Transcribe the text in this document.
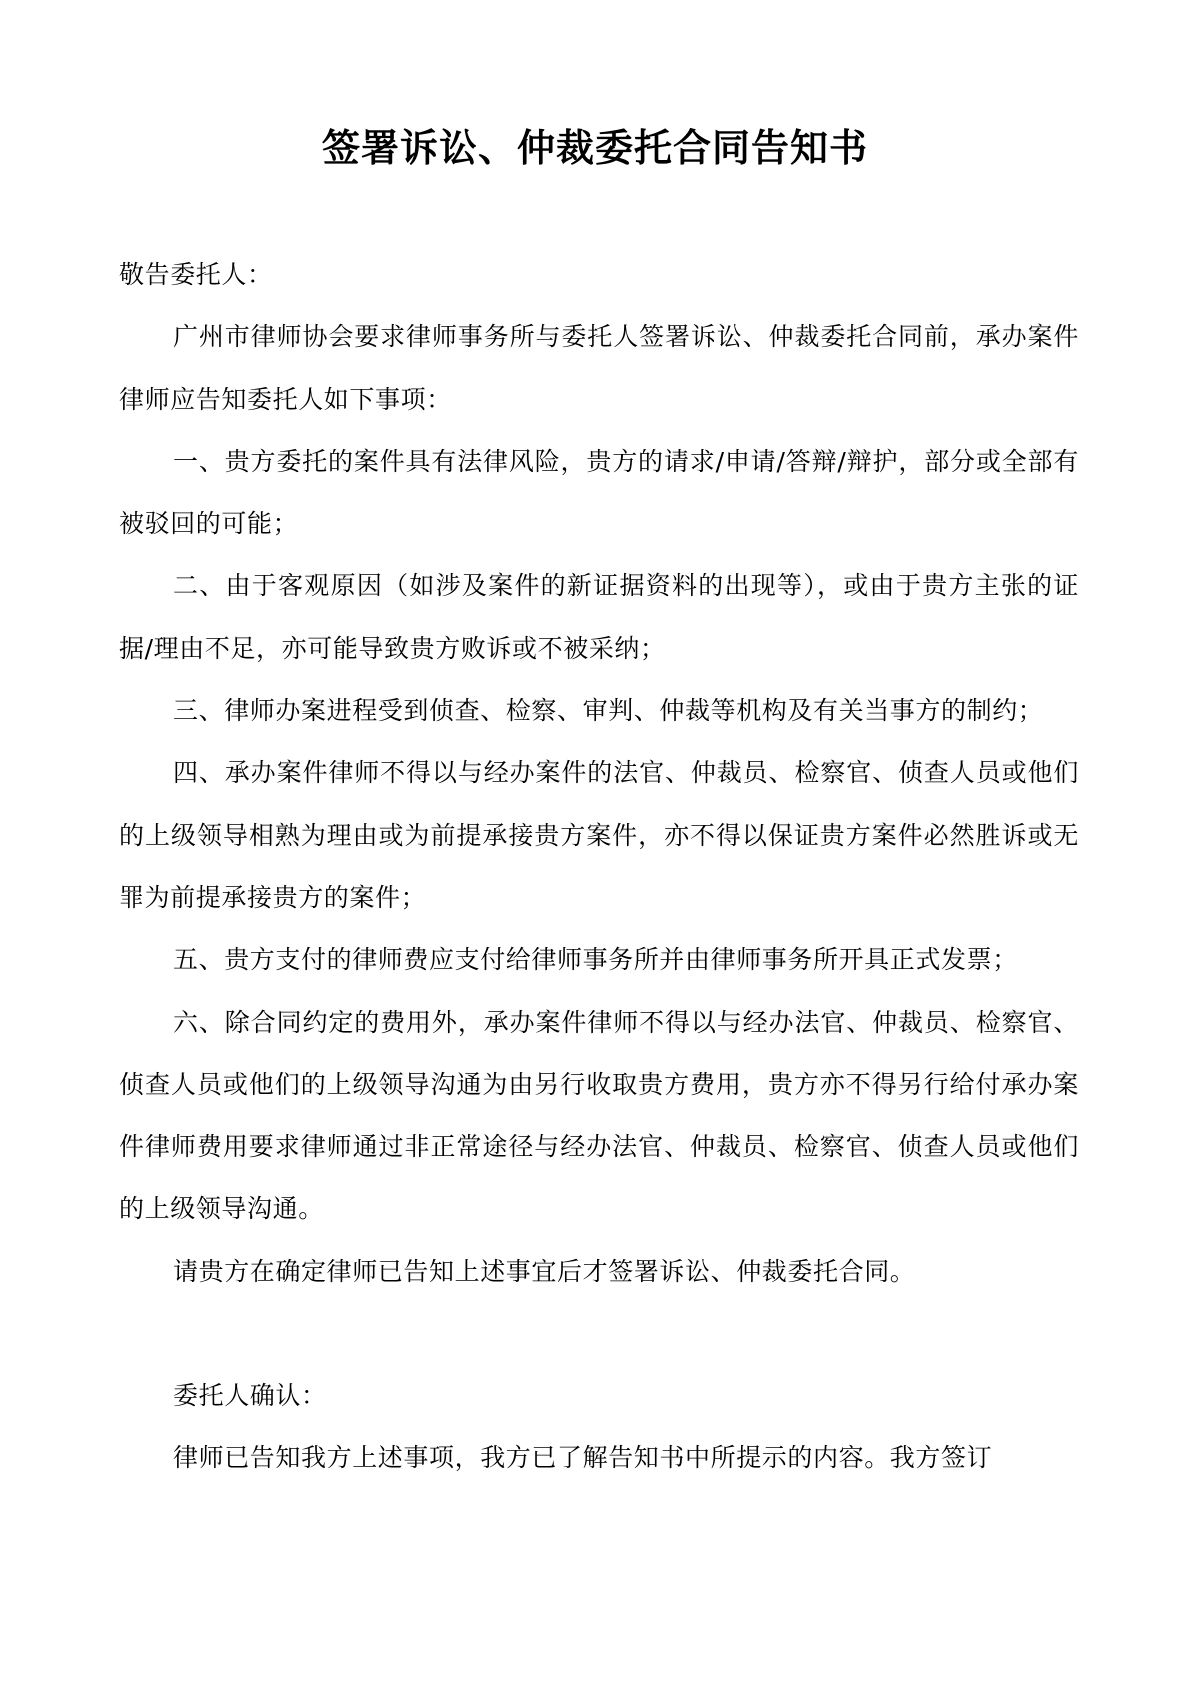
签署诉讼、仲裁委托合同告知书

敬告委托人：

广州市律师协会要求律师事务所与委托人签署诉讼、仲裁委托合同前，承办案件律师应告知委托人如下事项：

一、贵方委托的案件具有法律风险，贵方的请求/申请/答辩/辩护，部分或全部有被驳回的可能；

二、由于客观原因（如涉及案件的新证据资料的出现等），或由于贵方主张的证据/理由不足，亦可能导致贵方败诉或不被采纳；

三、律师办案进程受到侦查、检察、审判、仲裁等机构及有关当事方的制约；

四、承办案件律师不得以与经办案件的法官、仲裁员、检察官、侦查人员或他们的上级领导相熟为理由或为前提承接贵方案件，亦不得以保证贵方案件必然胜诉或无罪为前提承接贵方的案件；

五、贵方支付的律师费应支付给律师事务所并由律师事务所开具正式发票；

六、除合同约定的费用外，承办案件律师不得以与经办法官、仲裁员、检察官、侦查人员或他们的上级领导沟通为由另行收取贵方费用，贵方亦不得另行给付承办案件律师费用要求律师通过非正常途径与经办法官、仲裁员、检察官、侦查人员或他们的上级领导沟通。

请贵方在确定律师已告知上述事宜后才签署诉讼、仲裁委托合同。

委托人确认：

律师已告知我方上述事项，我方已了解告知书中所提示的内容。我方签订
